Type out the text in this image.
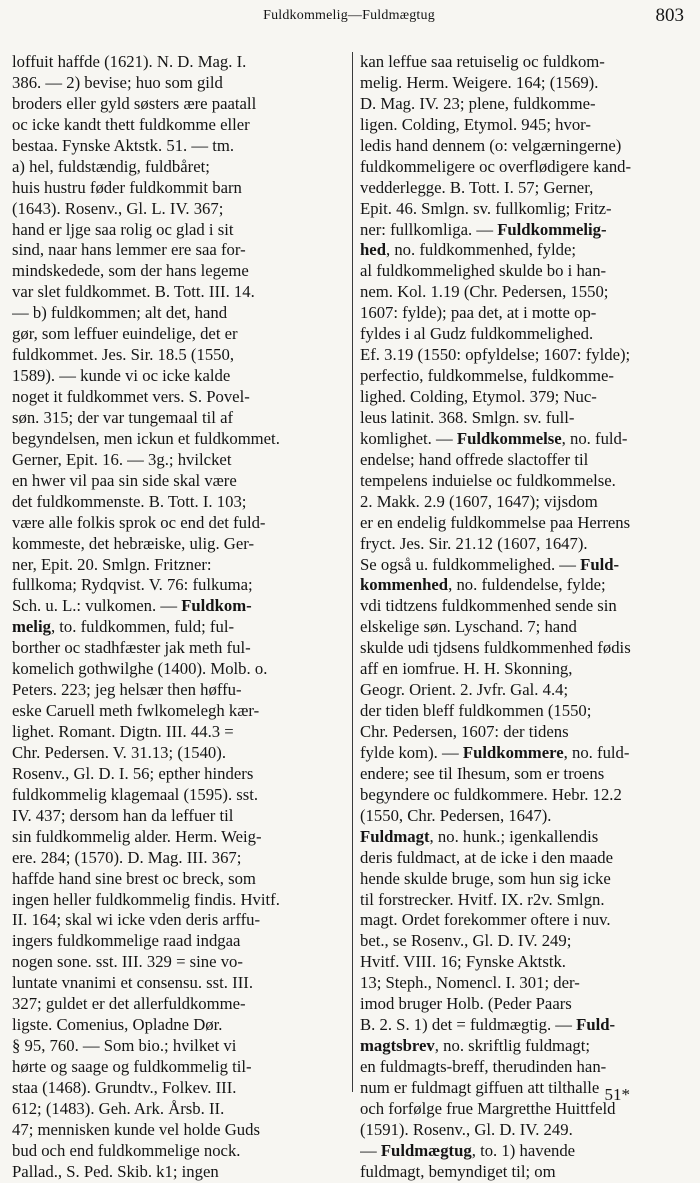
Fuldkommelig—Fuldmægtug	803
loffuit haffde (1621). N. D. Mag. I.
386. — 2) bevise; huo som gild
broders eller gyld søsters ære paatall
oc icke kandt thett fuldkomme eller
bestaa. Fynske Aktstk. 51. — tm.
a) hel, fuldstændig, fuldbåret;
huis hustru føder fuldkommit barn
(1643). Rosenv., Gl. L. IV. 367;
hand er ljge saa rolig oc glad i sit
sind, naar hans lemmer ere saa for-
mindskedede, som der hans legeme
var slet fuldkommet. B. Tott. III. 14.
— b) fuldkommen; alt det, hand
gør, som leffuer euindelige, det er
fuldkommet. Jes. Sir. 18.5 (1550,
1589). — kunde vi oc icke kalde
noget it fuldkommet vers. S. Povel-
søn. 315; der var tungemaal til af
begyndelsen, men ickun et fuldkommet.
Gerner, Epit. 16. — 3g.; hvilcket
en hwer vil paa sin side skal være
det fuldkommenste. B. Tott. I. 103;
være alle folkis sprok oc end det fuld-
kommeste, det hebræiske, ulig. Ger-
ner, Epit. 20. Smlgn. Fritzner:
fullkoma; Rydqvist. V. 76: fulkuma;
Sch. u. L.: vulkomen. — Fuldkom-
melig, to. fuldkommen, fuld; ful-
borther oc stadhfæster jak meth ful-
komelich gothwilghe (1400). Molb. o.
Peters. 223; jeg helsær then høffu-
eske Caruell meth fwlkomelegh kær-
lighet. Romant. Digtn. III. 44.3 =
Chr. Pedersen. V. 31.13; (1540).
Rosenv., Gl. D. I. 56; epther hinders
fuldkommelig klagemaal (1595). sst.
IV. 437; dersom han da leffuer til
sin fuldkommelig alder. Herm. Weig-
ere. 284; (1570). D. Mag. III. 367;
haffde hand sine brest oc breck, som
ingen heller fuldkommelig findis. Hvitf.
II. 164; skal wi icke vden deris arffu-
ingers fuldkommelige raad indgaa
nogen sone. sst. III. 329 = sine vo-
luntate vnanimi et consensu. sst. III.
327; guldet er det allerfuldkomme-
ligste. Comenius, Opladne Dør.
§ 95, 760. — Som bio.; hvilket vi
hørte og saage og fuldkommelig til-
staa (1468). Grundtv., Folkev. III.
612; (1483). Geh. Ark. Årsb. II.
47; mennisken kunde vel holde Guds
bud och end fuldkommelige nock.
Pallad., S. Ped. Skib. k1; ingen
kan leffue saa retuiselig oc fuldkom-
melig. Herm. Weigere. 164; (1569).
D. Mag. IV. 23; plene, fuldkomme-
ligen. Colding, Etymol. 945; hvor-
ledis hand dennem (o: velgærningerne)
fuldkommeligere oc overflødigere kand-
vedderlegge. B. Tott. I. 57; Gerner,
Epit. 46. Smlgn. sv. fullkomlig; Fritz-
ner: fullkomliga. — Fuldkommelig-
hed, no. fuldkommenhed, fylde;
al fuldkommelighed skulde bo i han-
nem. Kol. 1.19 (Chr. Pedersen, 1550;
1607: fylde); paa det, at i motte op-
fyldes i al Gudz fuldkommelighed.
Ef. 3.19 (1550: opfyldelse; 1607: fylde);
perfectio, fuldkommelse, fuldkomme-
lighed. Colding, Etymol. 379; Nuc-
leus latinit. 368. Smlgn. sv. full-
komlighet. — Fuldkommelse, no. fuld-
endelse; hand offrede slactoffer til
tempelens induielse oc fuldkommelse.
2. Makk. 2.9 (1607, 1647); vijsdom
er en endelig fuldkommelse paa Herrens
fryct. Jes. Sir. 21.12 (1607, 1647).
Se også u. fuldkommelighed. — Fuld-
kommenhed, no. fuldendelse, fylde;
vdi tidtzens fuldkommenhed sende sin
elskelige søn. Lyschand. 7; hand
skulde udi tjdsens fuldkommenhed fødis
aff en iomfrue. H. H. Skonning,
Geogr. Orient. 2. Jvfr. Gal. 4.4;
der tiden bleff fuldkommen (1550;
Chr. Pedersen, 1607: der tidens
fylde kom). — Fuldkommere, no. fuld-
endere; see til Ihesum, som er troens
begyndere oc fuldkommere. Hebr. 12.2
(1550, Chr. Pedersen, 1647).
Fuldmagt, no. hunk.; igenkallendis
deris fuldmact, at de icke i den maade
hende skulde bruge, som hun sig icke
til forstrecker. Hvitf. IX. r2v. Smlgn.
magt. Ordet forekommer oftere i nuv.
bet., se Rosenv., Gl. D. IV. 249;
Hvitf. VIII. 16; Fynske Aktstk.
13; Steph., Nomencl. I. 301; der-
imod bruger Holb. (Peder Paars
B. 2. S. 1) det = fuldmægtig. — Fuld-
magtsbrev, no. skriftlig fuldmagt;
en fuldmagts-breff, therudinden han-
num er fuldmagt giffuen att tilthalle
och forfølge frue Margretthe Huittfeld
(1591). Rosenv., Gl. D. IV. 249.
— Fuldmægtug, to. 1) havende
fuldmagt, bemyndiget til; om
51*
